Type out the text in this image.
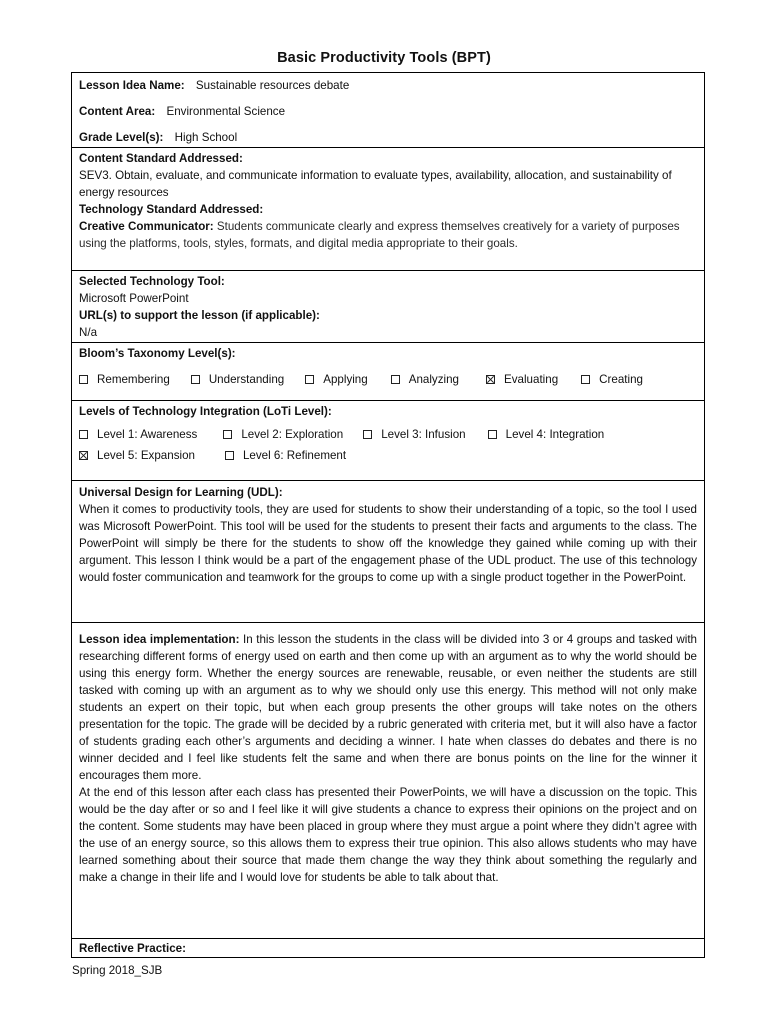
Basic Productivity Tools (BPT)
Lesson Idea Name: Sustainable resources debate
Content Area: Environmental Science
Grade Level(s): High School
Content Standard Addressed:
SEV3. Obtain, evaluate, and communicate information to evaluate types, availability, allocation, and sustainability of energy resources
Technology Standard Addressed:
Creative Communicator: Students communicate clearly and express themselves creatively for a variety of purposes using the platforms, tools, styles, formats, and digital media appropriate to their goals.
Selected Technology Tool:
Microsoft PowerPoint
URL(s) to support the lesson (if applicable):
N/a
Bloom’s Taxonomy Level(s):
Remembering	Understanding	Applying	Analyzing	Evaluating	Creating
Levels of Technology Integration (LoTi Level):
Level 1: Awareness	Level 2: Exploration	Level 3: Infusion	Level 4: Integration
Level 5: Expansion	Level 6: Refinement
Universal Design for Learning (UDL):
When it comes to productivity tools, they are used for students to show their understanding of a topic, so the tool I used was Microsoft PowerPoint. This tool will be used for the students to present their facts and arguments to the class. The PowerPoint will simply be there for the students to show off the knowledge they gained while coming up with their argument. This lesson I think would be a part of the engagement phase of the UDL product. The use of this technology would foster communication and teamwork for the groups to come up with a single product together in the PowerPoint.
Lesson idea implementation: In this lesson the students in the class will be divided into 3 or 4 groups and tasked with researching different forms of energy used on earth and then come up with an argument as to why the world should be using this energy form. Whether the energy sources are renewable, reusable, or even neither the students are still tasked with coming up with an argument as to why we should only use this energy. This method will not only make students an expert on their topic, but when each group presents the other groups will take notes on the others presentation for the topic. The grade will be decided by a rubric generated with criteria met, but it will also have a factor of students grading each other’s arguments and deciding a winner. I hate when classes do debates and there is no winner decided and I feel like students felt the same and when there are bonus points on the line for the winner it encourages them more.
At the end of this lesson after each class has presented their PowerPoints, we will have a discussion on the topic. This would be the day after or so and I feel like it will give students a chance to express their opinions on the project and on the content. Some students may have been placed in group where they must argue a point where they didn’t agree with the use of an energy source, so this allows them to express their true opinion. This also allows students who may have learned something about their source that made them change the way they think about something the regularly and make a change in their life and I would love for students be able to talk about that.
Reflective Practice:
Spring 2018_SJB
